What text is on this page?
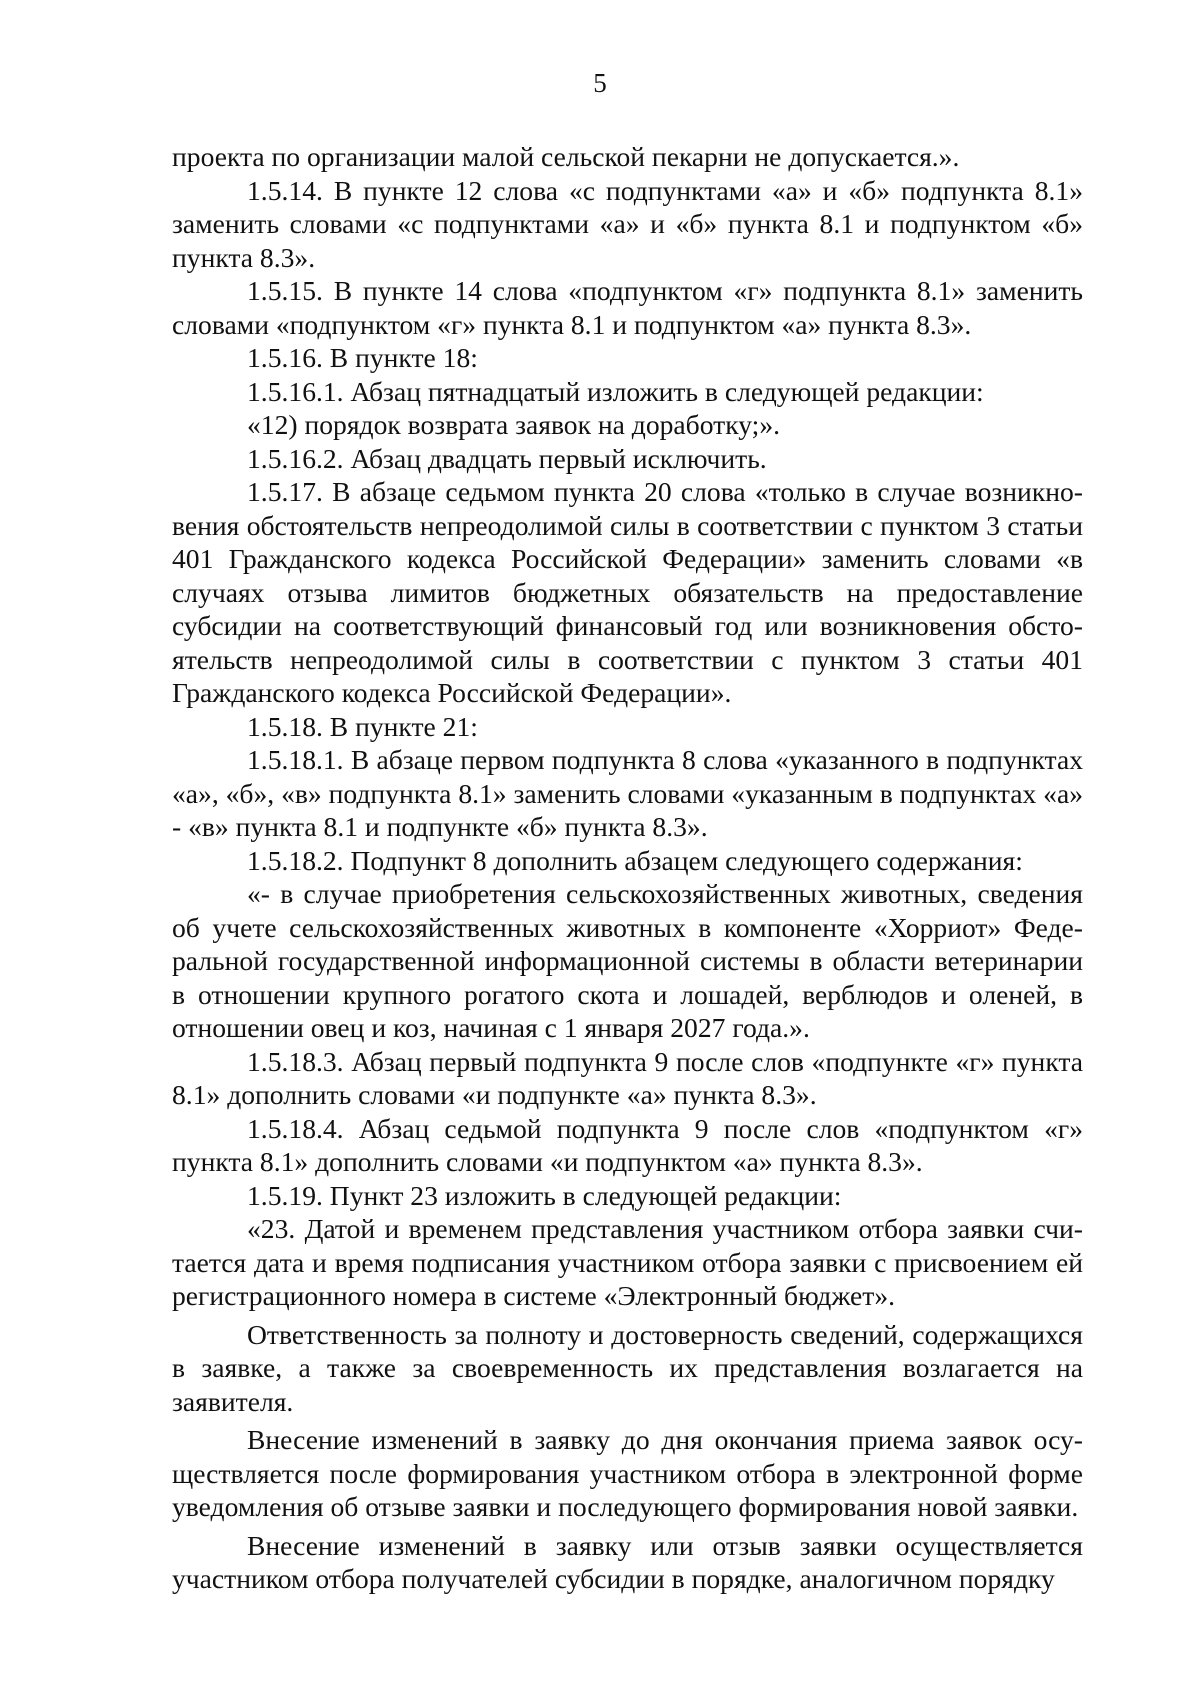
5

проекта по организации малой сельской пекарни не допускается.».

1.5.14. В пункте 12 слова «с подпунктами «а» и «б» подпункта 8.1» заменить словами «с подпунктами «а» и «б» пункта 8.1 и подпунктом «б» пункта 8.3».

1.5.15. В пункте 14 слова «подпунктом «г» подпункта 8.1» заменить словами «подпунктом «г» пункта 8.1 и подпунктом «а» пункта 8.3».

1.5.16. В пункте 18:

1.5.16.1. Абзац пятнадцатый изложить в следующей редакции:

«12) порядок возврата заявок на доработку;».

1.5.16.2. Абзац двадцать первый исключить.

1.5.17. В абзаце седьмом пункта 20 слова «только в случае возникновения обстоятельств непреодолимой силы в соответствии с пунктом 3 статьи 401 Гражданского кодекса Российской Федерации» заменить словами «в случаях отзыва лимитов бюджетных обязательств на предоставление субсидии на соответствующий финансовый год или возникновения обстоятельств непреодолимой силы в соответствии с пунктом 3 статьи 401 Гражданского кодекса Российской Федерации».

1.5.18. В пункте 21:

1.5.18.1. В абзаце первом подпункта 8 слова «указанного в подпунктах «а», «б», «в» подпункта 8.1» заменить словами «указанным в подпунктах «а» - «в» пункта 8.1 и подпункте «б» пункта 8.3».

1.5.18.2. Подпункт 8 дополнить абзацем следующего содержания:

«- в случае приобретения сельскохозяйственных животных, сведения об учете сельскохозяйственных животных в компоненте «Хорриот» Федеральной государственной информационной системы в области ветеринарии в отношении крупного рогатого скота и лошадей, верблюдов и оленей, в отношении овец и коз, начиная с 1 января 2027 года.».

1.5.18.3. Абзац первый подпункта 9 после слов «подпункте «г» пункта 8.1» дополнить словами «и подпункте «а» пункта 8.3».

1.5.18.4. Абзац седьмой подпункта 9 после слов «подпунктом «г» пункта 8.1» дополнить словами «и подпунктом «а» пункта 8.3».

1.5.19. Пункт 23 изложить в следующей редакции:

«23. Датой и временем представления участником отбора заявки считается дата и время подписания участником отбора заявки с присвоением ей регистрационного номера в системе «Электронный бюджет».

Ответственность за полноту и достоверность сведений, содержащихся в заявке, а также за своевременность их представления возлагается на заявителя.

Внесение изменений в заявку до дня окончания приема заявок осуществляется после формирования участником отбора в электронной форме уведомления об отзыве заявки и последующего формирования новой заявки.

Внесение изменений в заявку или отзыв заявки осуществляется участником отбора получателей субсидии в порядке, аналогичном порядку
